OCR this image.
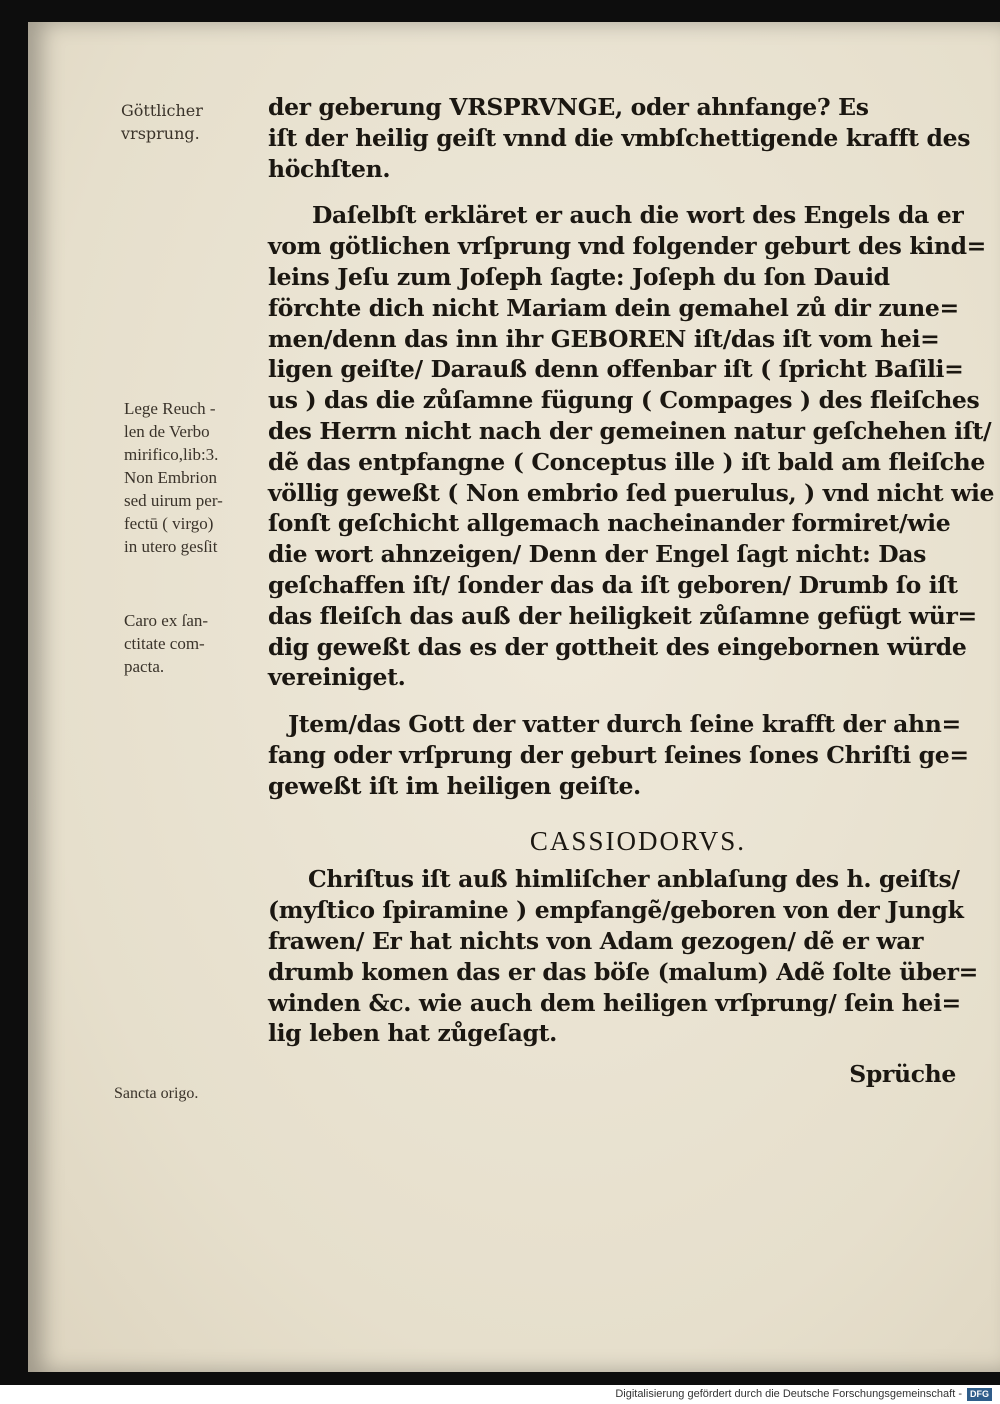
Göttlicher
vrsprung.
Lege Reuch -
len de Verbo
mirifico,lib:3.
Non Embrion
sed uirum per-
fectū ( virgo)
in utero gesſit
Caro ex ſan-
ctitate com-
pacta.
Sancta origo.
der geberung VRSPRVNGE, oder ahnfange? Es
iſt der heilig geiſt vnnd die vmbſchettigende krafft des
höchſten.
Daſelbſt erkläret er auch die wort des Engels da er
vom götlichen vrſprung vnd folgender geburt des kind=
leins Jeſu zum Joſeph ſagte: Joſeph du ſon Dauid
förchte dich nicht Mariam dein gemahel zů dir zune=
men/denn das inn ihr GEBOREN iſt/das iſt vom hei=
ligen geiſte/ Darauß denn offenbar iſt ( ſpricht Baſili=
us ) das die zůſamne fügung ( Compages ) des fleiſches
des Herrn nicht nach der gemeinen natur geſchehen iſt/
dẽ das entpfangne ( Conceptus ille ) iſt bald am fleiſche
völlig geweßt ( Non embrio ſed puerulus, ) vnd nicht wie
ſonſt geſchicht allgemach nacheinander formiret/wie
die wort ahnzeigen/ Denn der Engel ſagt nicht: Das
geſchaffen iſt/ ſonder das da iſt geboren/ Drumb ſo iſt
das fleiſch das auß der heiligkeit zůſamne gefügt wür=
dig geweßt das es der gottheit des eingebornen würde
vereiniget.
Jtem/das Gott der vatter durch ſeine krafft der ahn=
fang oder vrſprung der geburt ſeines ſones Chriſti ge=
geweßt iſt im heiligen geiſte.
CASSIODORVS.
Chriſtus iſt auß himliſcher anblaſung des h. geiſts/
(myſtico ſpiramine ) empfangẽ/geboren von der Jungk
frawen/ Er hat nichts von Adam gezogen/ dẽ er war
drumb komen das er das böſe (malum) Adẽ ſolte über=
winden &c. wie auch dem heiligen vrſprung/ ſein hei=
lig leben hat zůgeſagt.
Sprüche
Digitalisierung gefördert durch die Deutsche Forschungsgemeinschaft - DFG
